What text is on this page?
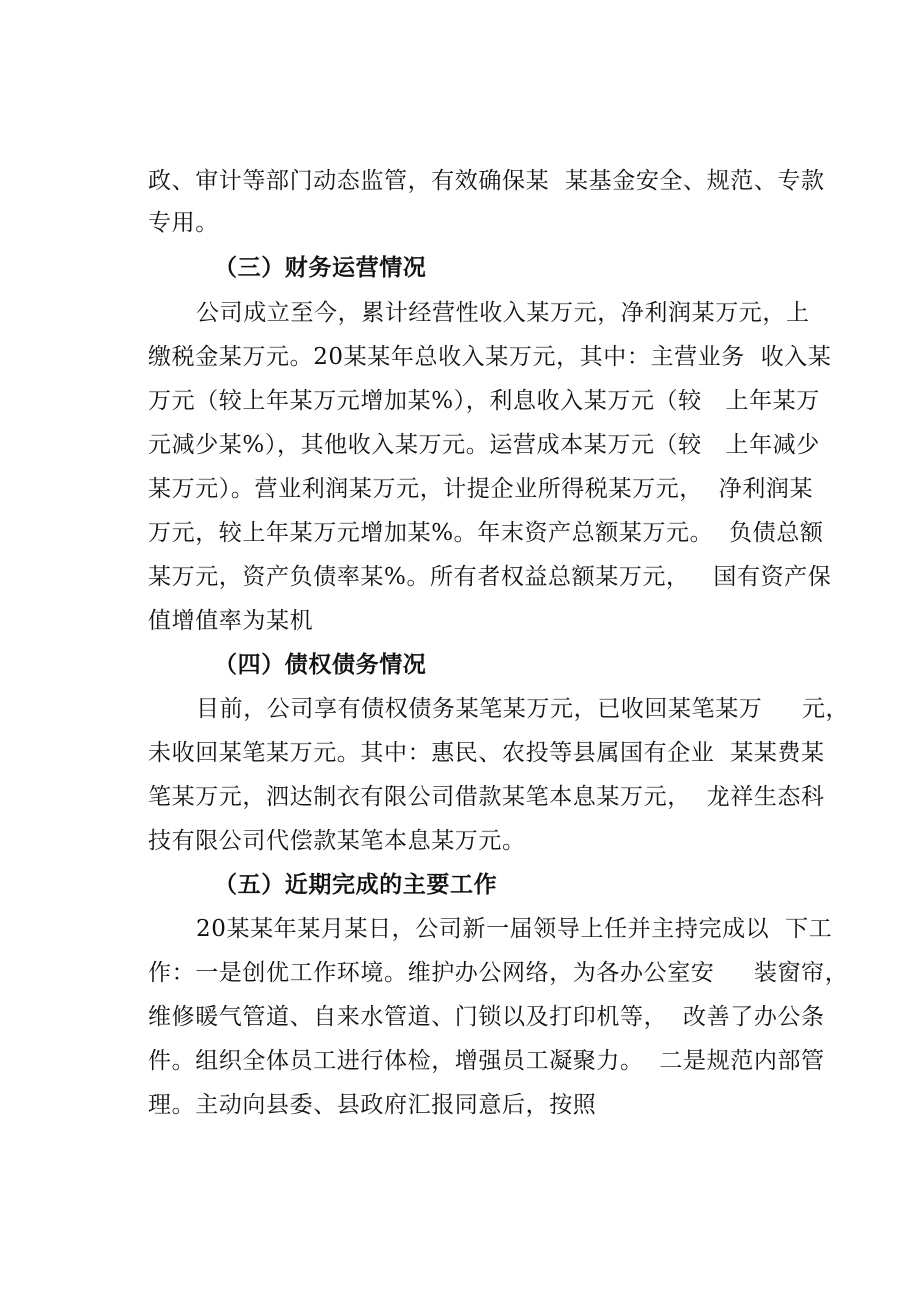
政、审计等部门动态监管，有效确保某  某基金安全、规范、专款
专用。
（三）财务运营情况
公司成立至今，累计经营性收入某万元，净利润某万元，上
缴税金某万元。20某某年总收入某万元，其中：主营业务  收入某
万元（较上年某万元增加某%），利息收入某万元（较   上年某万
元减少某%），其他收入某万元。运营成本某万元（较   上年减少
某万元）。营业利润某万元，计提企业所得税某万元，  净利润某
万元，较上年某万元增加某%。年末资产总额某万元。  负债总额
某万元，资产负债率某%。所有者权益总额某万元，   国有资产保
值增值率为某机
（四）债权债务情况
目前，公司享有债权债务某笔某万元，已收回某笔某万     元，
未收回某笔某万元。其中：惠民、农投等县属国有企业  某某费某
笔某万元，泗达制衣有限公司借款某笔本息某万元，  龙祥生态科
技有限公司代偿款某笔本息某万元。
（五）近期完成的主要工作
20某某年某月某日，公司新一届领导上任并主持完成以  下工
作：一是创优工作环境。维护办公网络，为各办公室安     装窗帘，
维修暖气管道、自来水管道、门锁以及打印机等，  改善了办公条
件。组织全体员工进行体检，增强员工凝聚力。  二是规范内部管
理。主动向县委、县政府汇报同意后，按照
